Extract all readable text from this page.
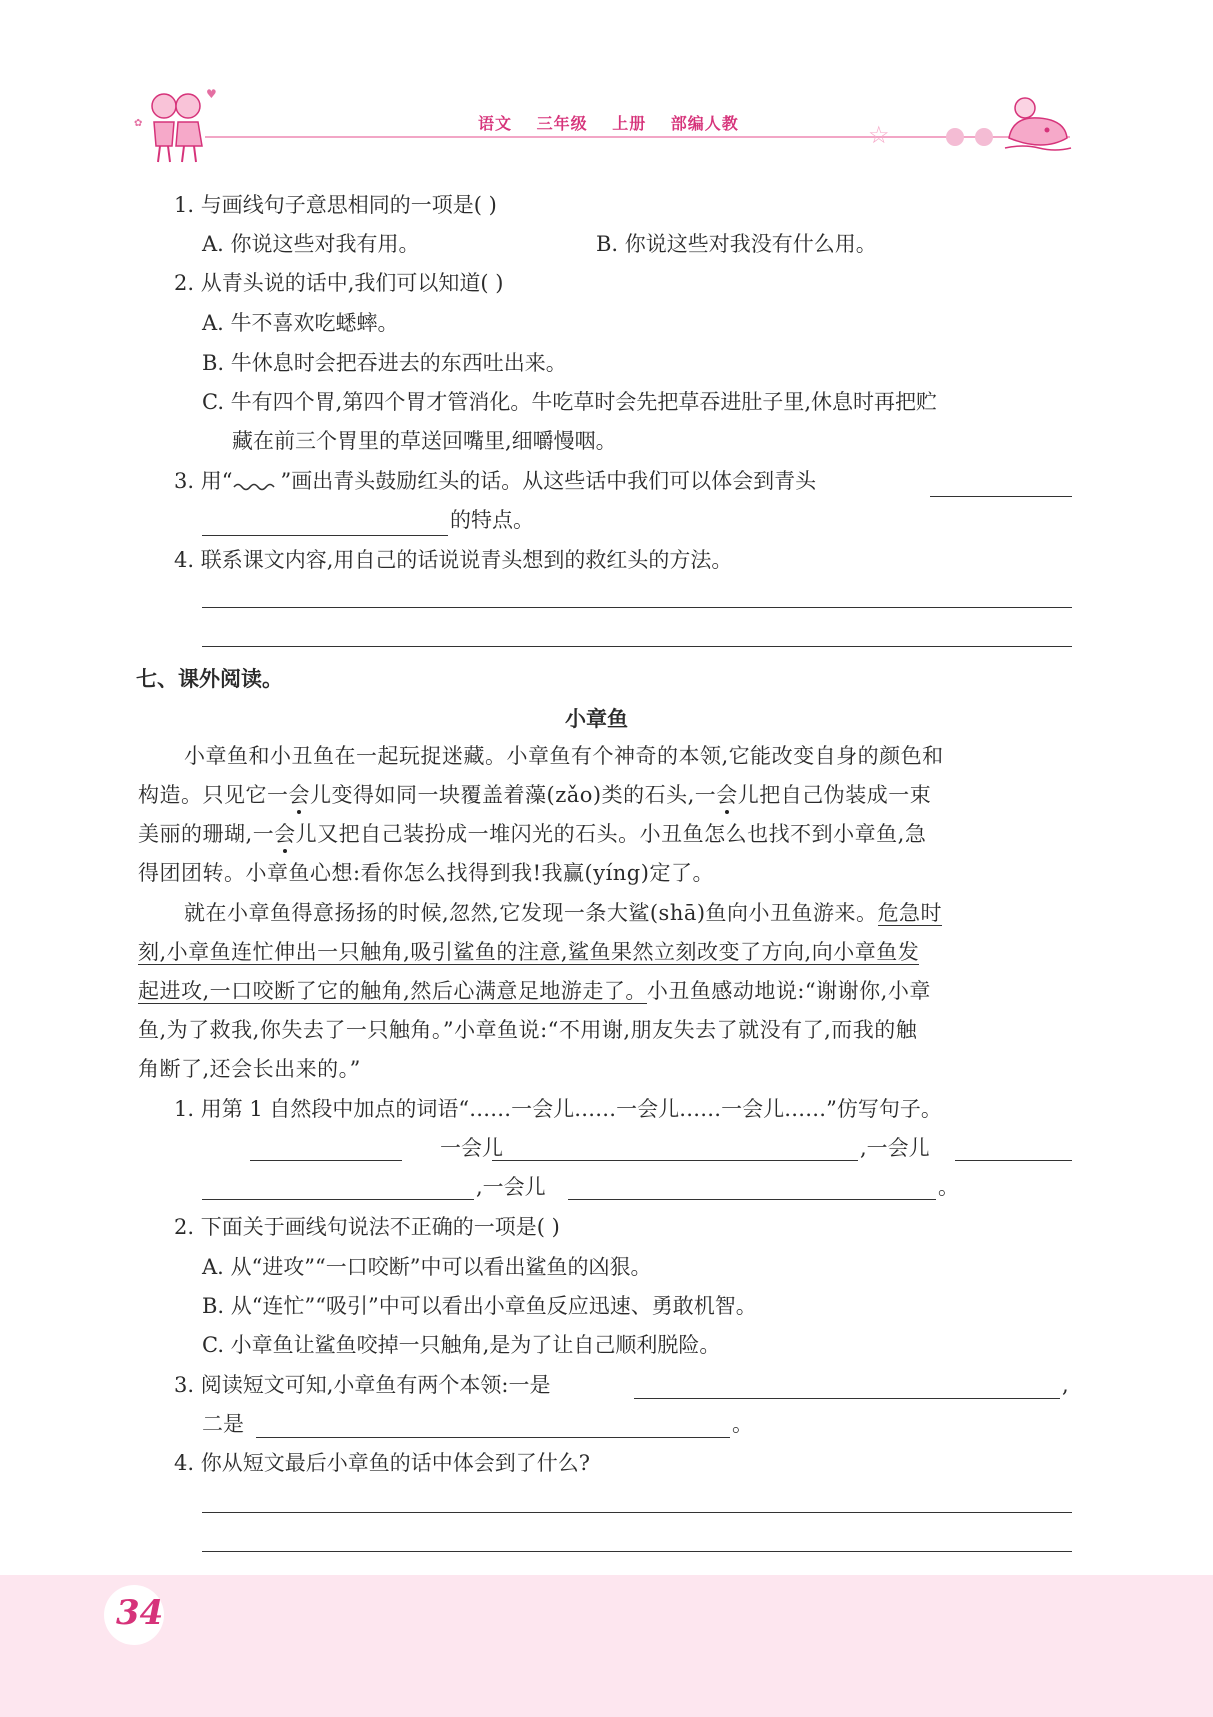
♥
✿	语文 三年级 上册 部编人教	☆
1. 与画线句子意思相同的一项是( )
A. 你说这些对我有用。	B. 你说这些对我没有什么用。
2. 从青头说的话中,我们可以知道( )
A. 牛不喜欢吃蟋蟀。
B. 牛休息时会把吞进去的东西吐出来。
C. 牛有四个胃,第四个胃才管消化。牛吃草时会先把草吞进肚子里,休息时再把贮
藏在前三个胃里的草送回嘴里,细嚼慢咽。
3. 用“ ”画出青头鼓励红头的话。从这些话中我们可以体会到青头
的特点。
4. 联系课文内容,用自己的话说说青头想到的救红头的方法。
七、课外阅读。
小章鱼
小章鱼和小丑鱼在一起玩捉迷藏。小章鱼有个神奇的本领,它能改变自身的颜色和
构造。只见它一会儿变得如同一块覆盖着藻(zǎo)类的石头,一会儿把自己伪装成一束
美丽的珊瑚,一会儿又把自己装扮成一堆闪光的石头。小丑鱼怎么也找不到小章鱼,急
得团团转。小章鱼心想:看你怎么找得到我!我赢(yíng)定了。
就在小章鱼得意扬扬的时候,忽然,它发现一条大鲨(shā)鱼向小丑鱼游来。危急时
刻,小章鱼连忙伸出一只触角,吸引鲨鱼的注意,鲨鱼果然立刻改变了方向,向小章鱼发
起进攻,一口咬断了它的触角,然后心满意足地游走了。小丑鱼感动地说:“谢谢你,小章
鱼,为了救我,你失去了一只触角。”小章鱼说:“不用谢,朋友失去了就没有了,而我的触
角断了,还会长出来的。”
1. 用第 1 自然段中加点的词语“……一会儿……一会儿……一会儿……”仿写句子。
一会儿	,一会儿
,一会儿	。
2. 下面关于画线句说法不正确的一项是( )
A. 从“进攻”“一口咬断”中可以看出鲨鱼的凶狠。
B. 从“连忙”“吸引”中可以看出小章鱼反应迅速、勇敢机智。
C. 小章鱼让鲨鱼咬掉一只触角,是为了让自己顺利脱险。
3. 阅读短文可知,小章鱼有两个本领:一是	,
二是	。
4. 你从短文最后小章鱼的话中体会到了什么?
34
